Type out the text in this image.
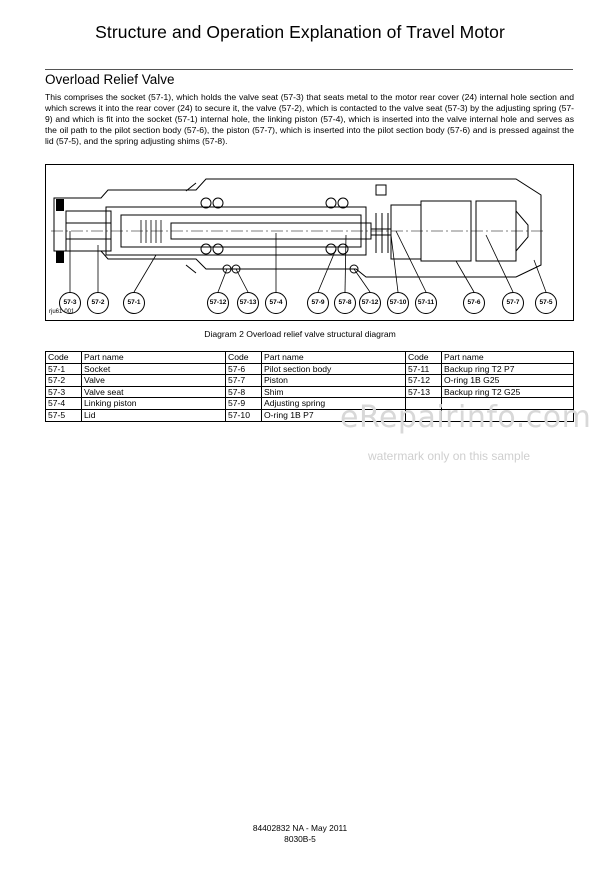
Structure and Operation Explanation of Travel Motor
Overload Relief Valve
This comprises the socket (57-1), which holds the valve seat (57-3) that seats metal to the motor rear cover (24) internal hole section and which screws it into the rear cover (24) to secure it, the valve (57-2), which is contacted to the valve seat (57-3) by the adjusting spring (57-9) and which is fit into the socket (57-1) internal hole, the linking piston (57-4), which is inserted into the valve internal hole and serves as the oil path to the pilot section body (57-6), the piston (57-7), which is inserted into the pilot section body (57-6) and is pressed against the lid (57-5), and the spring adjusting shims (57-8).
57-3	57-2	57-1	57-12	57-13	57-4	57-9	57-8	57-12	57-10	57-11	57-6	57-7	57-5
rju61-001
Diagram 2 Overload relief valve structural diagram
Code	Part name	Code	Part name	Code	Part name
57-1	Socket	57-6	Pilot section body	57-11	Backup ring T2 P7
57-2	Valve	57-7	Piston	57-12	O-ring 1B G25
57-3	Valve seat	57-8	Shim	57-13	Backup ring T2 G25
57-4	Linking piston	57-9	Adjusting spring		
57-5	Lid	57-10	O-ring 1B P7		eRepairinfo.com
watermark only on this sample
84402832 NA - May 2011
8030B-5
